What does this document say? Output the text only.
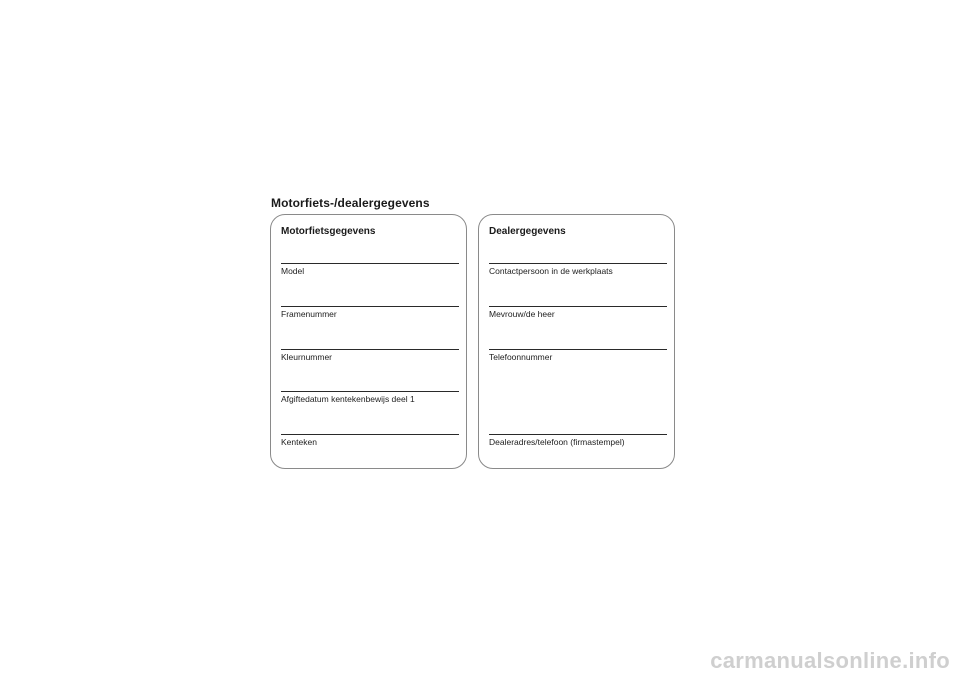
Motorfiets-/dealergegevens
Motorfietsgegevens
Model
Framenummer
Kleurnummer
Afgiftedatum kentekenbewijs deel 1
Kenteken
Dealergegevens
Contactpersoon in de werkplaats
Mevrouw/de heer
Telefoonnummer
Dealeradres/telefoon (firmastempel)
carmanualsonline.info
